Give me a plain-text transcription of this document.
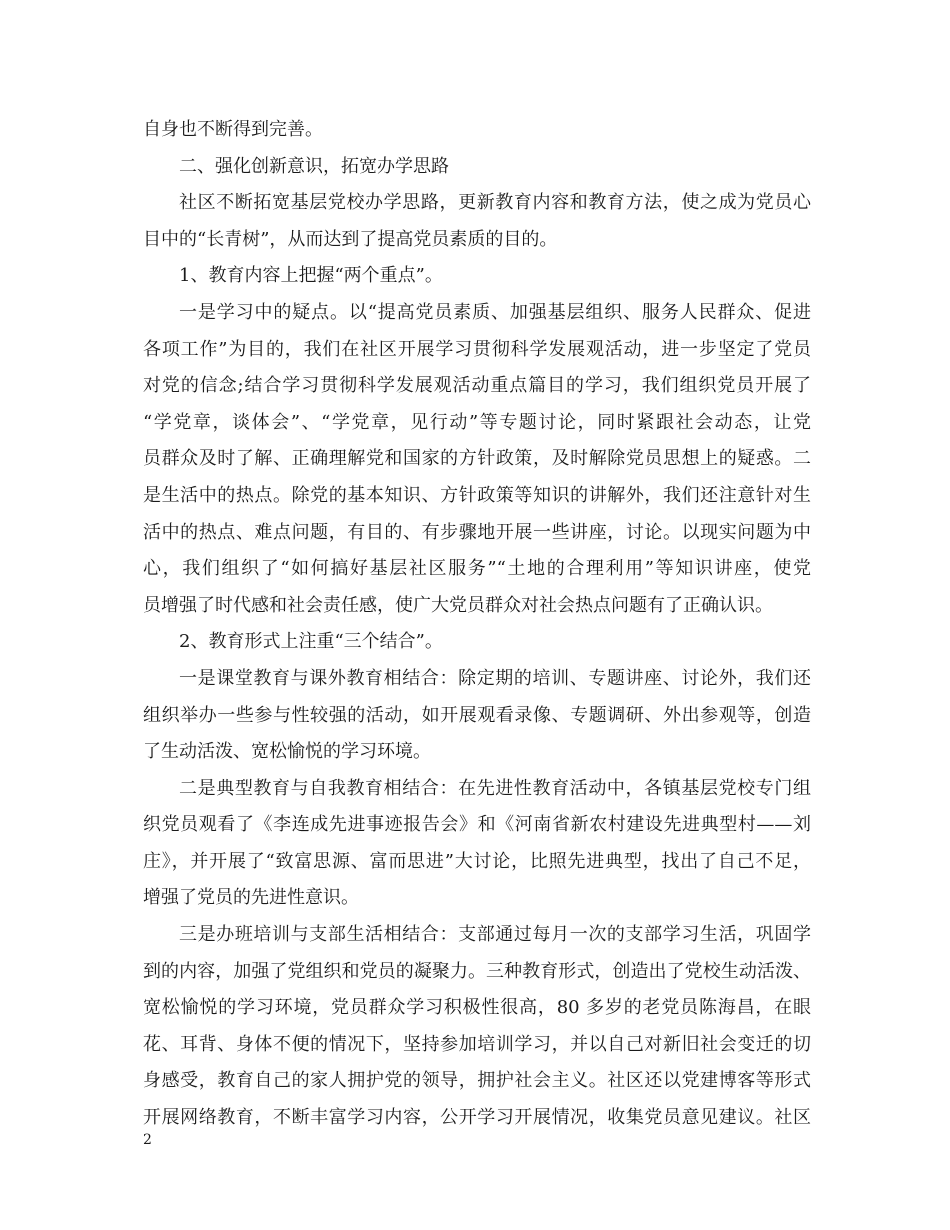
自身也不断得到完善。
二、强化创新意识，拓宽办学思路
社区不断拓宽基层党校办学思路，更新教育内容和教育方法，使之成为党员心
目中的“长青树”，从而达到了提高党员素质的目的。
1、教育内容上把握“两个重点”。
一是学习中的疑点。以“提高党员素质、加强基层组织、服务人民群众、促进
各项工作”为目的，我们在社区开展学习贯彻科学发展观活动，进一步坚定了党员
对党的信念;结合学习贯彻科学发展观活动重点篇目的学习，我们组织党员开展了
“学党章，谈体会”、“学党章，见行动”等专题讨论，同时紧跟社会动态，让党
员群众及时了解、正确理解党和国家的方针政策，及时解除党员思想上的疑惑。二
是生活中的热点。除党的基本知识、方针政策等知识的讲解外，我们还注意针对生
活中的热点、难点问题，有目的、有步骤地开展一些讲座，讨论。以现实问题为中
心，我们组织了“如何搞好基层社区服务”“土地的合理利用”等知识讲座，使党
员增强了时代感和社会责任感，使广大党员群众对社会热点问题有了正确认识。
2、教育形式上注重“三个结合”。
一是课堂教育与课外教育相结合：除定期的培训、专题讲座、讨论外，我们还
组织举办一些参与性较强的活动，如开展观看录像、专题调研、外出参观等，创造
了生动活泼、宽松愉悦的学习环境。
二是典型教育与自我教育相结合：在先进性教育活动中，各镇基层党校专门组
织党员观看了《李连成先进事迹报告会》和《河南省新农村建设先进典型村——刘
庄》，并开展了“致富思源、富而思进”大讨论，比照先进典型，找出了自己不足，
增强了党员的先进性意识。
三是办班培训与支部生活相结合：支部通过每月一次的支部学习生活，巩固学
到的内容，加强了党组织和党员的凝聚力。三种教育形式，创造出了党校生动活泼、
宽松愉悦的学习环境，党员群众学习积极性很高，80 多岁的老党员陈海昌，在眼
花、耳背、身体不便的情况下，坚持参加培训学习，并以自己对新旧社会变迁的切
身感受，教育自己的家人拥护党的领导，拥护社会主义。社区还以党建博客等形式
开展网络教育，不断丰富学习内容，公开学习开展情况，收集党员意见建议。社区
2
